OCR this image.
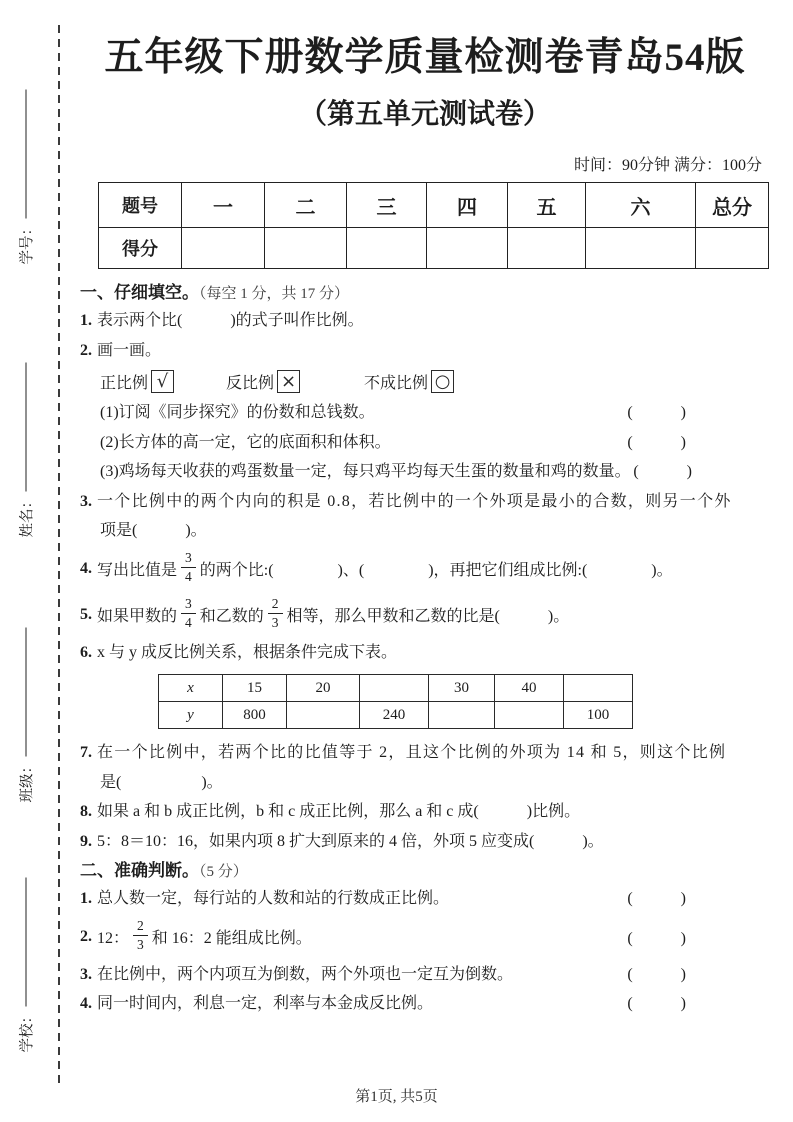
学号：
姓名：
班级：
学校：
五年级下册数学质量检测卷青岛54版
（第五单元测试卷）
时间：90分钟 满分：100分
题号	一	二	三	四	五	六	总分
得分							
一、仔细填空。（每空 1 分，共 17 分）
1. 表示两个比(　　　)的式子叫作比例。
2. 画一画。
正比例 √	反比例 ×	不成比例 ○
(1) 订阅《同步探究》的份数和总钱数。	(　　　)
(2) 长方体的高一定，它的底面积和体积。	(　　　)
(3) 鸡场每天收获的鸡蛋数量一定，每只鸡平均每天生蛋的数量和鸡的数量。 (　　　)
3. 一个比例中的两个内向的积是 0.8，若比例中的一个外项是最小的合数，则另一个外
项是(　　　)。
4. 写出比值是 $\frac{3}{4}$ 的两个比:(　　　　)、(　　　　)，再把它们组成比例:(　　　　)。
5. 如果甲数的 $\frac{3}{4}$ 和乙数的 $\frac{2}{3}$ 相等，那么甲数和乙数的比是(　　　)。
6. x 与 y 成反比例关系，根据条件完成下表。
x	15	20		30	40	
y	800		240			100
7. 在一个比例中，若两个比的比值等于 2，且这个比例的外项为 14 和 5，则这个比例
是(　　　　　)。
8. 如果 a 和 b 成正比例，b 和 c 成正比例，那么 a 和 c 成(　　　)比例。
9. 5：8＝10：16，如果内项 8 扩大到原来的 4 倍，外项 5 应变成(　　　)。
二、准确判断。（5 分）
1. 总人数一定，每行站的人数和站的行数成正比例。	(　　　)
2. 12： $\frac{2}{3}$ 和 16：2 能组成比例。	(　　　)
3. 在比例中，两个内项互为倒数，两个外项也一定互为倒数。	(　　　)
4. 同一时间内，利息一定，利率与本金成反比例。	(　　　)
第1页, 共5页
